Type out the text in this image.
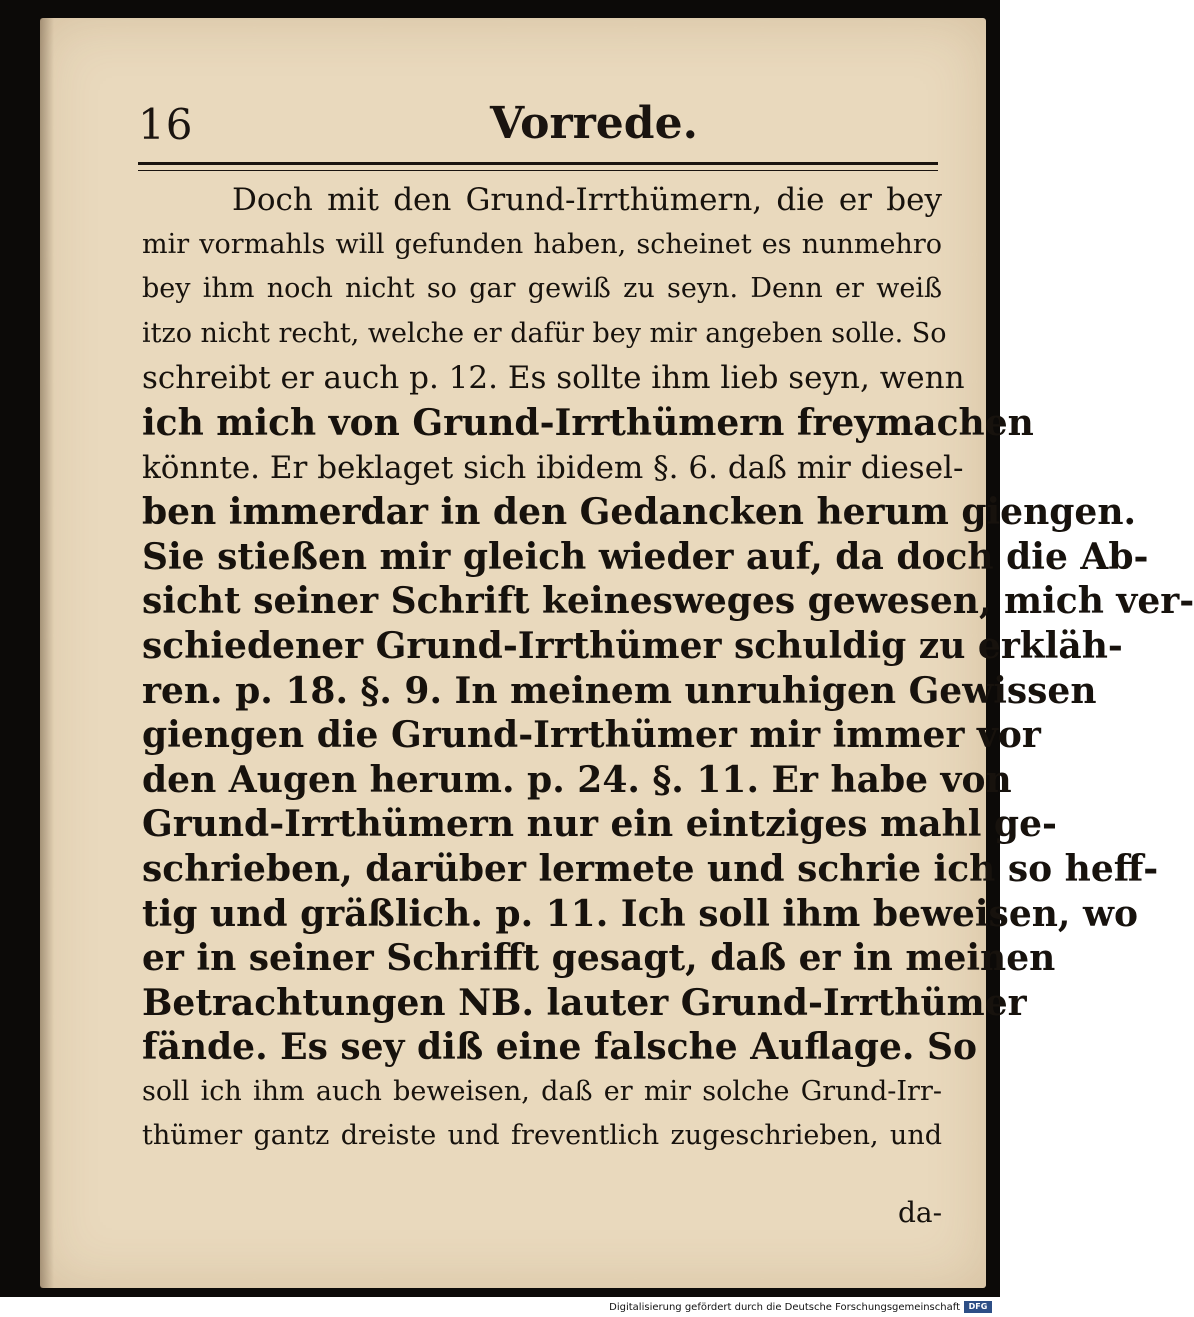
16	Vorrede.
Doch mit den Grund-Irrthümern, die er bey
mir vormahls will gefunden haben, scheinet es nunmehro
bey ihm noch nicht so gar gewiß zu seyn. Denn er weiß
itzo nicht recht, welche er dafür bey mir angeben solle. So
schreibt er auch p. 12. Es sollte ihm lieb seyn, wenn
ich mich von Grund-Irrthümern freymachen
könnte. Er beklaget sich ibidem §. 6. daß mir diesel-
ben immerdar in den Gedancken herum giengen.
Sie stießen mir gleich wieder auf, da doch die Ab-
sicht seiner Schrift keinesweges gewesen, mich ver-
schiedener Grund-Irrthümer schuldig zu erkläh-
ren. p. 18. §. 9. In meinem unruhigen Gewissen
giengen die Grund-Irrthümer mir immer vor
den Augen herum. p. 24. §. 11. Er habe von
Grund-Irrthümern nur ein eintziges mahl ge-
schrieben, darüber lermete und schrie ich so heff-
tig und gräßlich. p. 11. Ich soll ihm beweisen, wo
er in seiner Schrifft gesagt, daß er in meinen
Betrachtungen NB. lauter Grund-Irrthümer
fände. Es sey diß eine falsche Auflage. So
soll ich ihm auch beweisen, daß er mir solche Grund-Irr-
thümer gantz dreiste und freventlich zugeschrieben, und
da-
Digitalisierung gefördert durch die Deutsche Forschungsgemeinschaft	DFG
